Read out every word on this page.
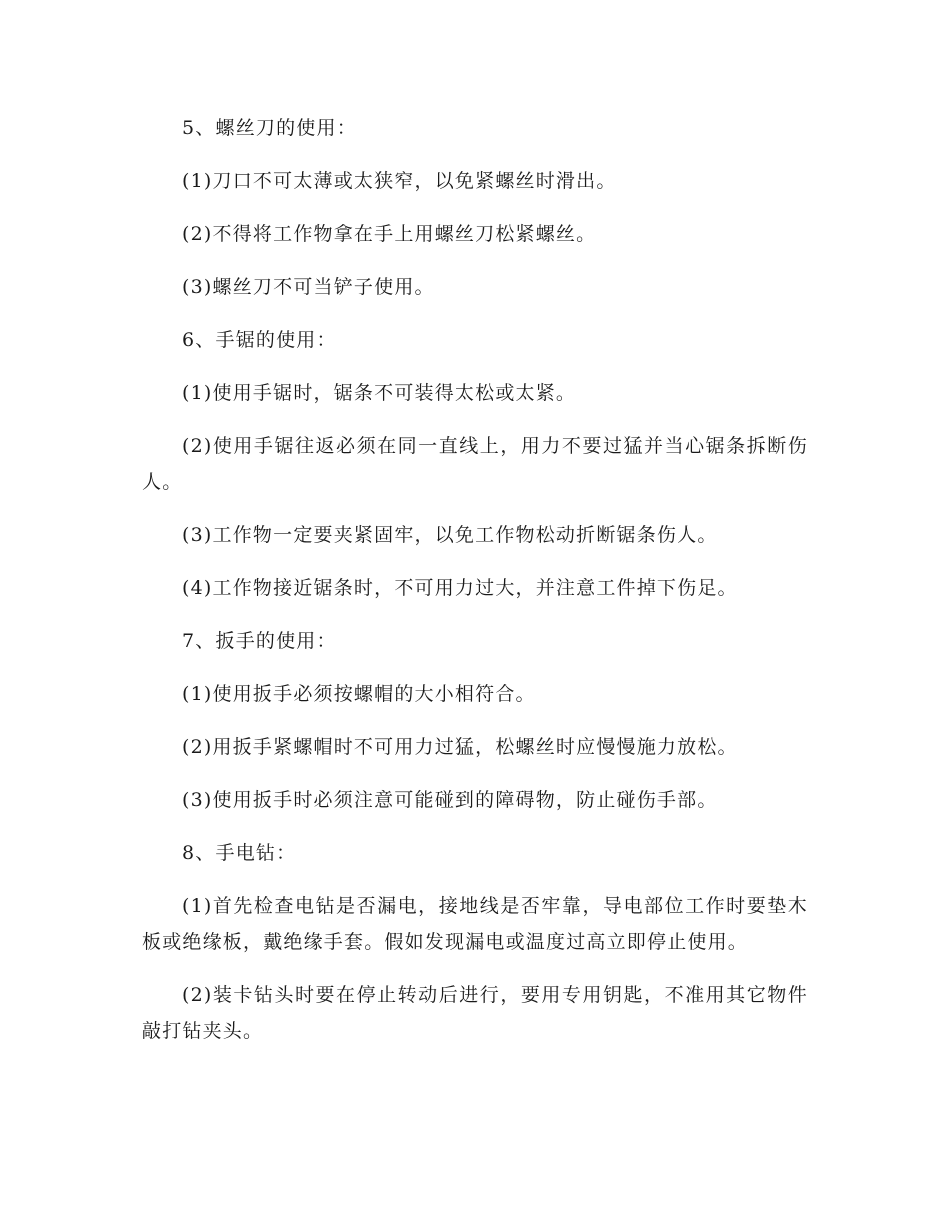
5、螺丝刀的使用：

(1)刀口不可太薄或太狭窄，以免紧螺丝时滑出。

(2)不得将工作物拿在手上用螺丝刀松紧螺丝。

(3)螺丝刀不可当铲子使用。

6、手锯的使用：

(1)使用手锯时，锯条不可装得太松或太紧。

(2)使用手锯往返必须在同一直线上，用力不要过猛并当心锯条拆断伤人。

(3)工作物一定要夹紧固牢，以免工作物松动折断锯条伤人。

(4)工作物接近锯条时，不可用力过大，并注意工件掉下伤足。

7、扳手的使用：

(1)使用扳手必须按螺帽的大小相符合。

(2)用扳手紧螺帽时不可用力过猛，松螺丝时应慢慢施力放松。

(3)使用扳手时必须注意可能碰到的障碍物，防止碰伤手部。

8、手电钻：

(1)首先检查电钻是否漏电，接地线是否牢靠，导电部位工作时要垫木板或绝缘板，戴绝缘手套。假如发现漏电或温度过高立即停止使用。

(2)装卡钻头时要在停止转动后进行，要用专用钥匙，不准用其它物件敲打钻夹头。
